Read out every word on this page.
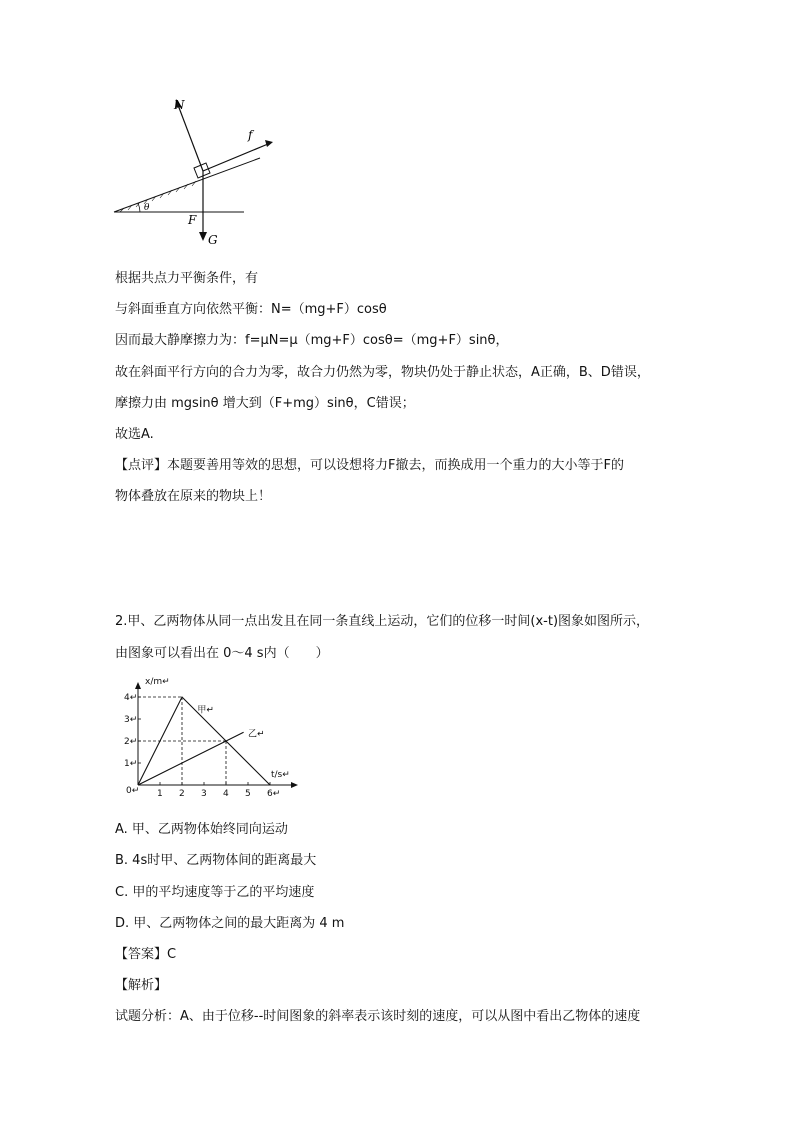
N
f
F
G
θ
根据共点力平衡条件，有
与斜面垂直方向依然平衡：N=（mg+F）cosθ
因而最大静摩擦力为：f=μN=μ（mg+F）cosθ=（mg+F）sinθ，
故在斜面平行方向的合力为零，故合力仍然为零，物块仍处于静止状态，A正确，B、D错误，
摩擦力由 mgsinθ 增大到（F+mg）sinθ，C错误；
故选A.
【点评】本题要善用等效的思想，可以设想将力F撤去，而换成用一个重力的大小等于F的
物体叠放在原来的物块上！
2.甲、乙两物体从同一点出发且在同一条直线上运动，它们的位移一时间(x-t)图象如图所示，
由图象可以看出在 0～4 s内（　　）
x/m↵
t/s↵
0↵ 1 2 3 4 5 6↵
1↵
2↵
3↵
4↵
甲↵
乙↵
A. 甲、乙两物体始终同向运动
B. 4s时甲、乙两物体间的距离最大
C. 甲的平均速度等于乙的平均速度
D. 甲、乙两物体之间的最大距离为 4 m
【答案】C
【解析】
试题分析：A、由于位移--时间图象的斜率表示该时刻的速度，可以从图中看出乙物体的速度
